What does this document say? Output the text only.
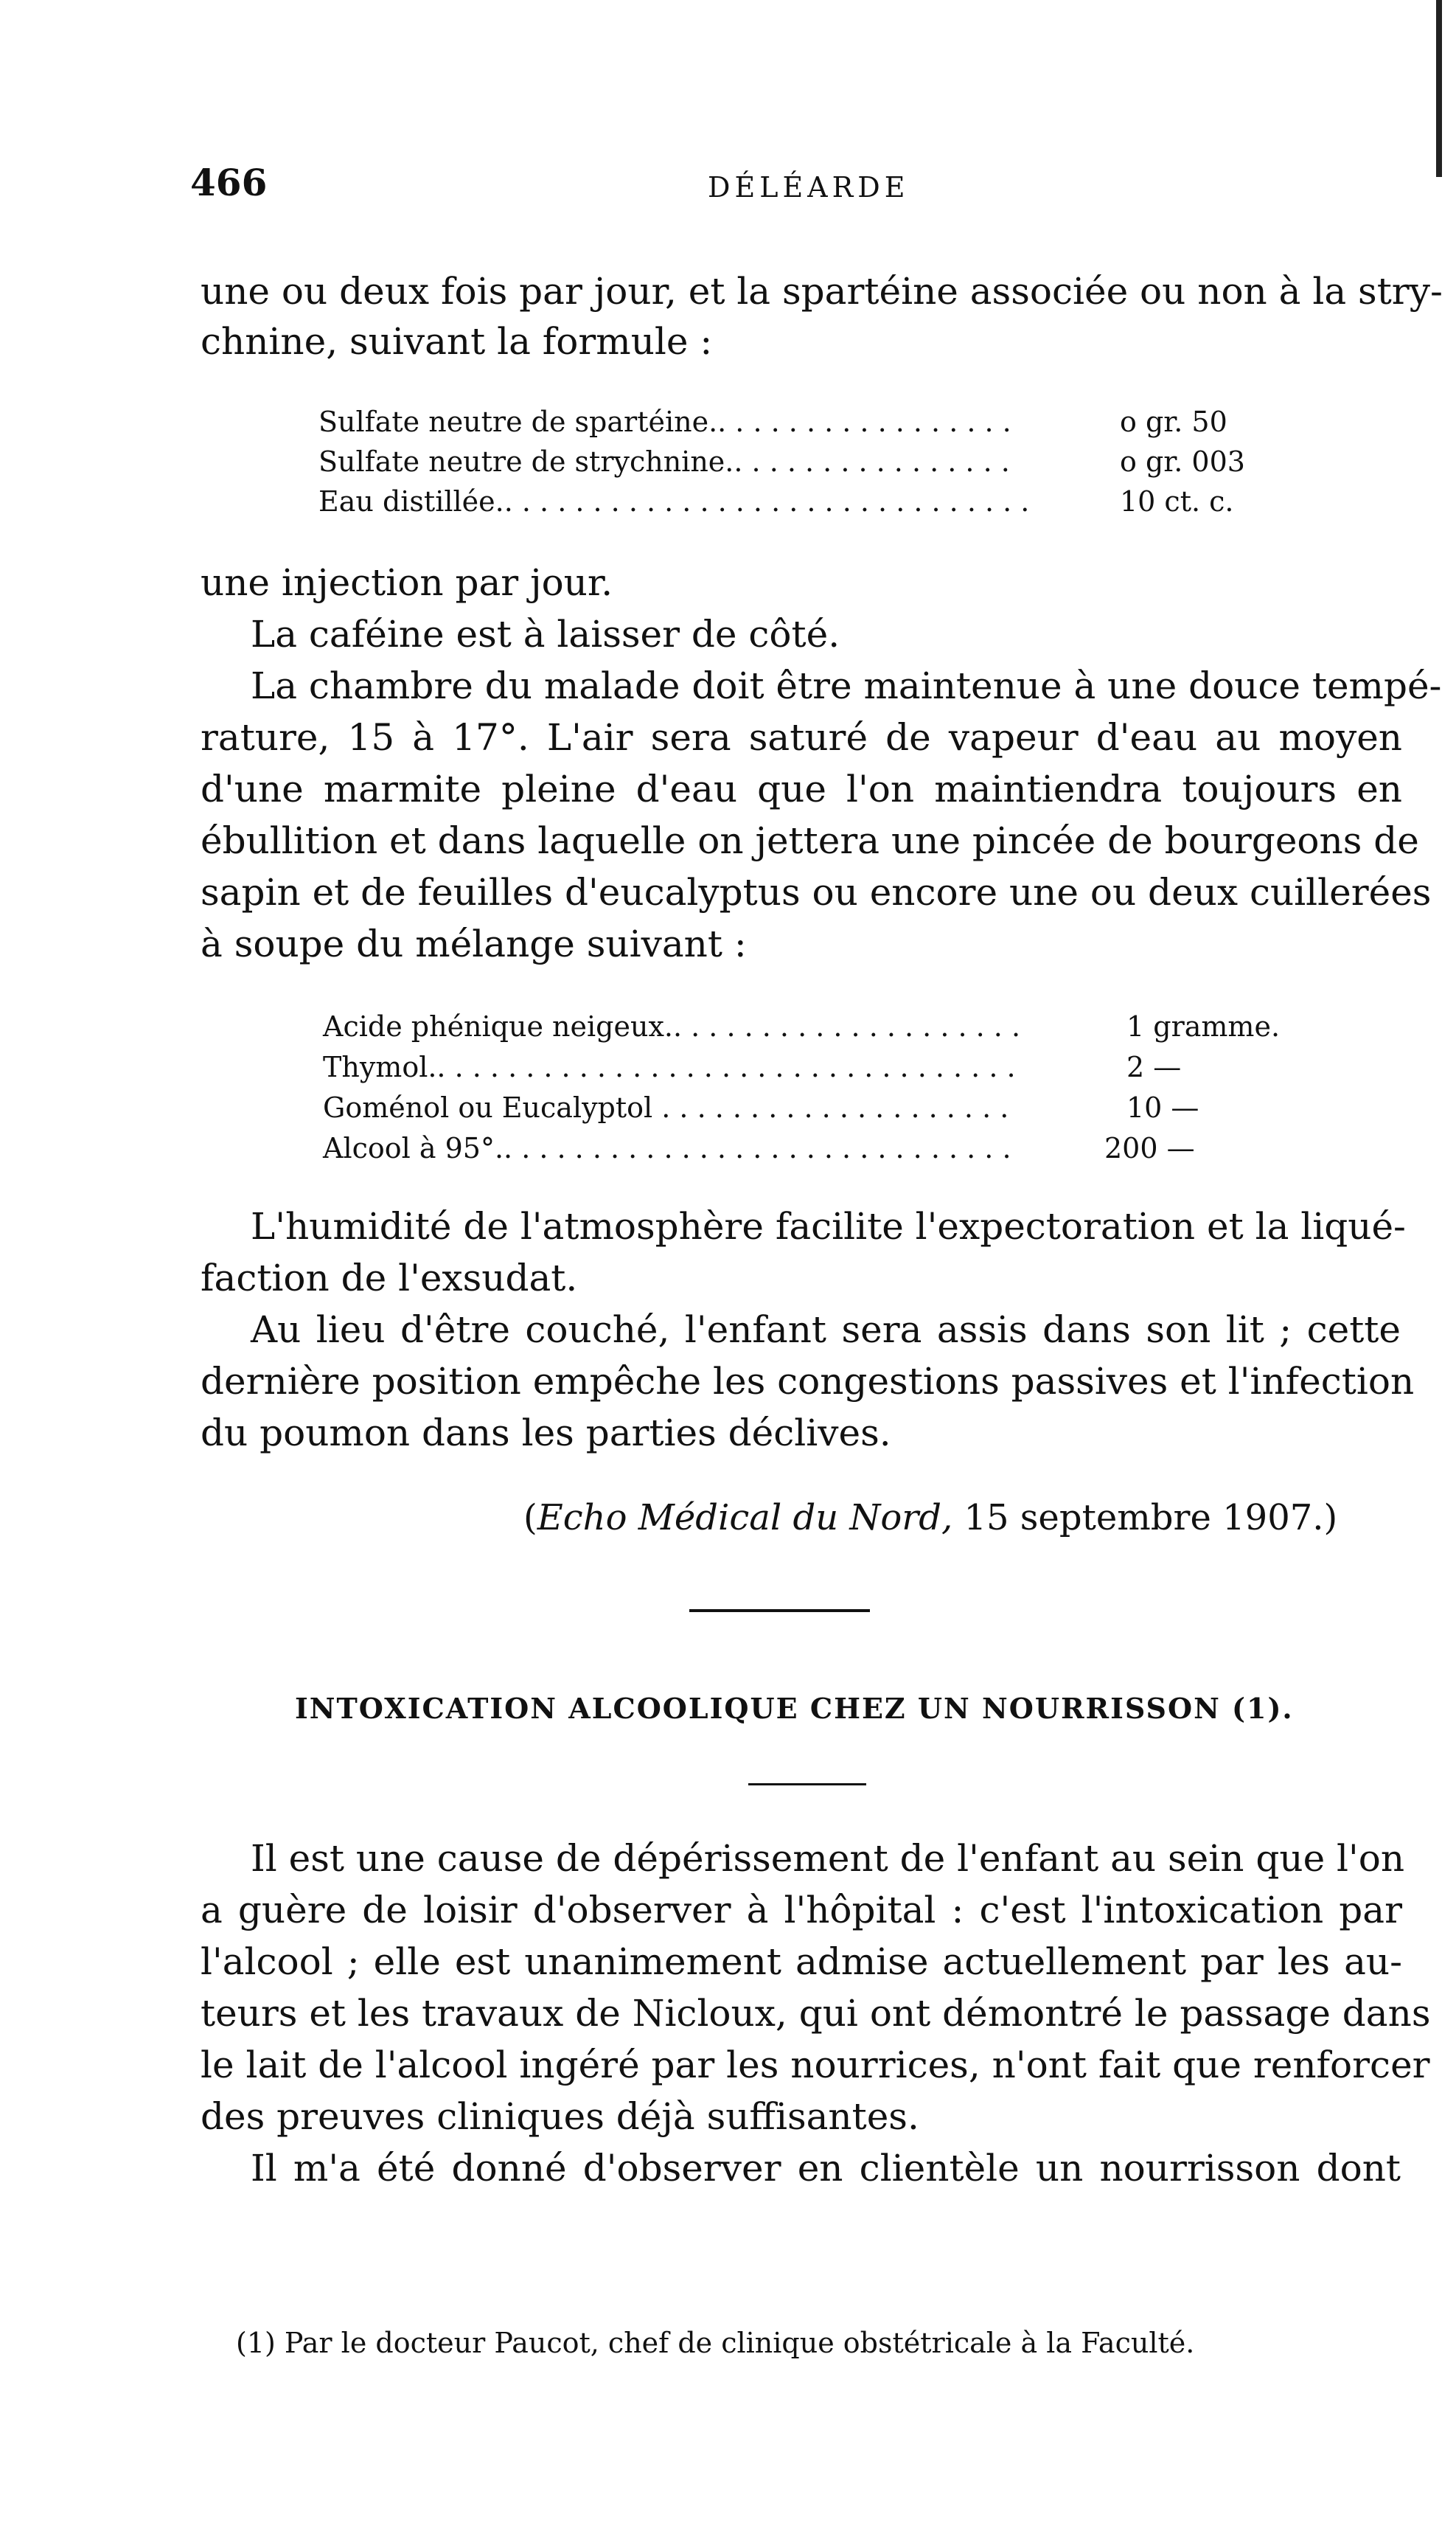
466	DÉLÉARDE
une ou deux fois par jour, et la spartéine associée ou non à la stry-
chnine, suivant la formule :
Sulfate neutre de spartéine.. . . . . . . . . . . . . . . . .	o gr. 50
Sulfate neutre de strychnine.. . . . . . . . . . . . . . . .	o gr. 003
Eau distillée.. . . . . . . . . . . . . . . . . . . . . . . . . . . . . .	10 ct. c.
une injection par jour.
La caféine est à laisser de côté.
La chambre du malade doit être maintenue à une douce tempé-
rature, 15 à 17°. L'air sera saturé de vapeur d'eau au moyen
d'une marmite pleine d'eau que l'on maintiendra toujours en
ébullition et dans laquelle on jettera une pincée de bourgeons de
sapin et de feuilles d'eucalyptus ou encore une ou deux cuillerées
à soupe du mélange suivant :
Acide phénique neigeux.. . . . . . . . . . . . . . . . . . . .	1 gramme.
Thymol.. . . . . . . . . . . . . . . . . . . . . . . . . . . . . . . . .	2 —
Goménol ou Eucalyptol . . . . . . . . . . . . . . . . . . . .	10 —
Alcool à 95°.. . . . . . . . . . . . . . . . . . . . . . . . . . . . .	200 —
L'humidité de l'atmosphère facilite l'expectoration et la liqué-
faction de l'exsudat.
Au lieu d'être couché, l'enfant sera assis dans son lit ; cette
dernière position empêche les congestions passives et l'infection
du poumon dans les parties déclives.
(Echo Médical du Nord, 15 septembre 1907.)
INTOXICATION ALCOOLIQUE CHEZ UN NOURRISSON (1).
Il est une cause de dépérissement de l'enfant au sein que l'on
a guère de loisir d'observer à l'hôpital : c'est l'intoxication par
l'alcool ; elle est unanimement admise actuellement par les au-
teurs et les travaux de Nicloux, qui ont démontré le passage dans
le lait de l'alcool ingéré par les nourrices, n'ont fait que renforcer
des preuves cliniques déjà suffisantes.
Il m'a été donné d'observer en clientèle un nourrisson dont
(1) Par le docteur Paucot, chef de clinique obstétricale à la Faculté.
